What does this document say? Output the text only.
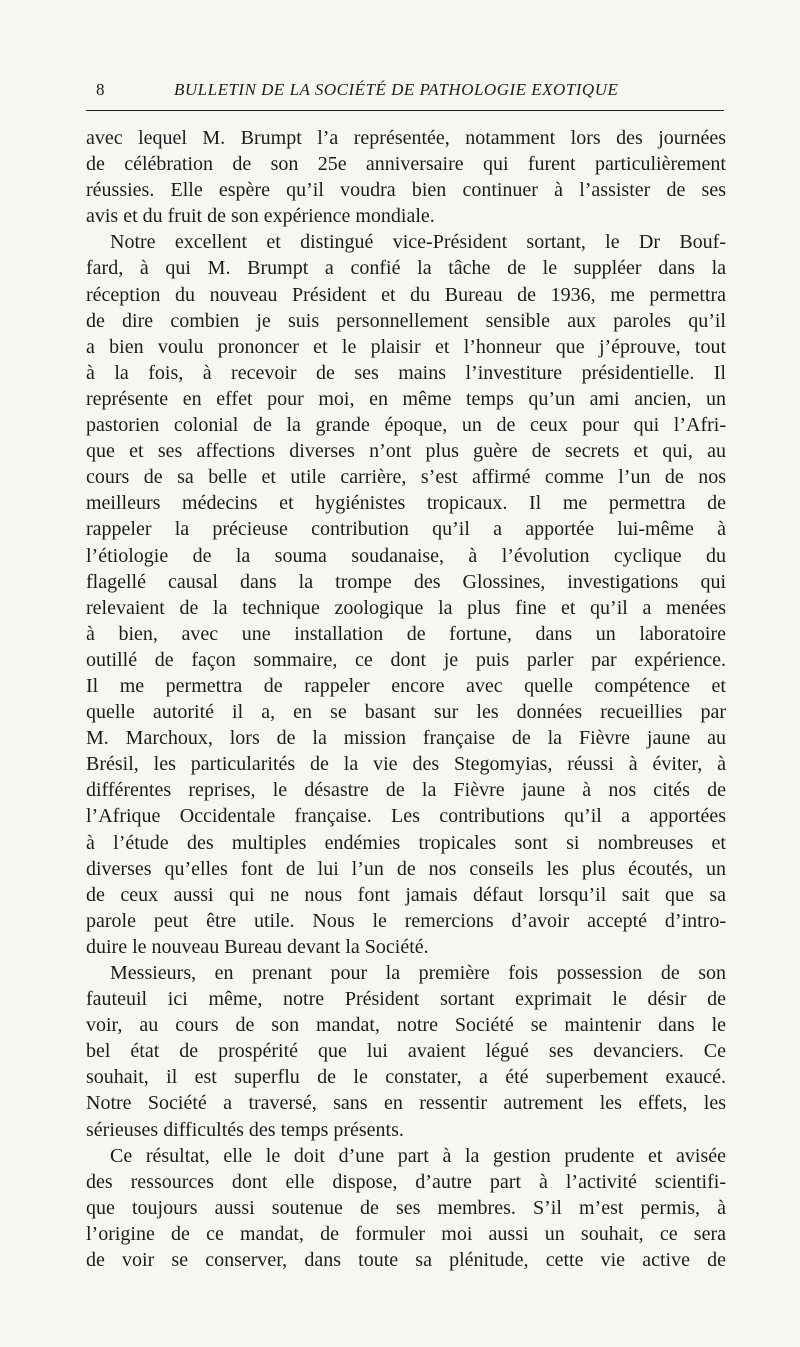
8	BULLETIN DE LA SOCIÉTÉ DE PATHOLOGIE EXOTIQUE
avec lequel M. Brumpt l’a représentée, notamment lors des journées
de célébration de son 25e anniversaire qui furent particulièrement
réussies. Elle espère qu’il voudra bien continuer à l’assister de ses
avis et du fruit de son expérience mondiale.
Notre excellent et distingué vice-Président sortant, le Dr Bouf-
fard, à qui M. Brumpt a confié la tâche de le suppléer dans la
réception du nouveau Président et du Bureau de 1936, me permettra
de dire combien je suis personnellement sensible aux paroles qu’il
a bien voulu prononcer et le plaisir et l’honneur que j’éprouve, tout
à la fois, à recevoir de ses mains l’investiture présidentielle. Il
représente en effet pour moi, en même temps qu’un ami ancien, un
pastorien colonial de la grande époque, un de ceux pour qui l’Afri-
que et ses affections diverses n’ont plus guère de secrets et qui, au
cours de sa belle et utile carrière, s’est affirmé comme l’un de nos
meilleurs médecins et hygiénistes tropicaux. Il me permettra de
rappeler la précieuse contribution qu’il a apportée lui-même à
l’étiologie de la souma soudanaise, à l’évolution cyclique du
flagellé causal dans la trompe des Glossines, investigations qui
relevaient de la technique zoologique la plus fine et qu’il a menées
à bien, avec une installation de fortune, dans un laboratoire
outillé de façon sommaire, ce dont je puis parler par expérience.
Il me permettra de rappeler encore avec quelle compétence et
quelle autorité il a, en se basant sur les données recueillies par
M. Marchoux, lors de la mission française de la Fièvre jaune au
Brésil, les particularités de la vie des Stegomyias, réussi à éviter, à
différentes reprises, le désastre de la Fièvre jaune à nos cités de
l’Afrique Occidentale française. Les contributions qu’il a apportées
à l’étude des multiples endémies tropicales sont si nombreuses et
diverses qu’elles font de lui l’un de nos conseils les plus écoutés, un
de ceux aussi qui ne nous font jamais défaut lorsqu’il sait que sa
parole peut être utile. Nous le remercions d’avoir accepté d’intro-
duire le nouveau Bureau devant la Société.
Messieurs, en prenant pour la première fois possession de son
fauteuil ici même, notre Président sortant exprimait le désir de
voir, au cours de son mandat, notre Société se maintenir dans le
bel état de prospérité que lui avaient légué ses devanciers. Ce
souhait, il est superflu de le constater, a été superbement exaucé.
Notre Société a traversé, sans en ressentir autrement les effets, les
sérieuses difficultés des temps présents.
Ce résultat, elle le doit d’une part à la gestion prudente et avisée
des ressources dont elle dispose, d’autre part à l’activité scientifi-
que toujours aussi soutenue de ses membres. S’il m’est permis, à
l’origine de ce mandat, de formuler moi aussi un souhait, ce sera
de voir se conserver, dans toute sa plénitude, cette vie active de
